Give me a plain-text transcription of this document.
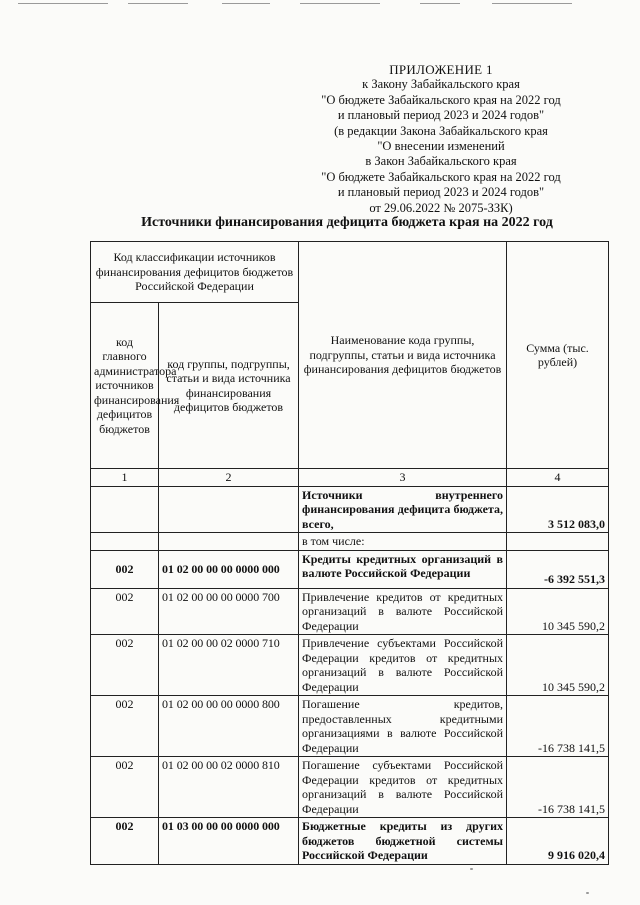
ПРИЛОЖЕНИЕ 1
к Закону Забайкальского края
"О бюджете Забайкальского края на 2022 год
и плановый период 2023 и 2024 годов"
(в редакции Закона Забайкальского края
"О внесении изменений
в Закон Забайкальского края
"О бюджете Забайкальского края на 2022 год
и плановый период 2023 и 2024 годов"
от 29.06.2022 № 2075-ЗЗК)
Источники финансирования дефицита бюджета края на 2022 год
Код классификации источников финансирования дефицитов бюджетов Российской Федерации		Наименование кода группы, подгруппы, статьи и вида источника финансирования дефицитов бюджетов	Сумма (тыс. рублей)
код главного администратора источников финансирования дефицитов бюджетов	код группы, подгруппы, статьи и вида источника финансирования дефицитов бюджетов		
1	2	3	4
		Источники внутреннего финансирования дефицита бюджета, всего,	3 512 083,0
		в том числе:	
002	01 02 00 00 00 0000 000	Кредиты кредитных организаций в валюте Российской Федерации	-6 392 551,3
002	01 02 00 00 00 0000 700	Привлечение кредитов от кредитных организаций в валюте Российской Федерации	10 345 590,2
002	01 02 00 00 02 0000 710	Привлечение субъектами Российской Федерации кредитов от кредитных организаций в валюте Российской Федерации	10 345 590,2
002	01 02 00 00 00 0000 800	Погашение кредитов, предоставленных кредитными организациями в валюте Российской Федерации	-16 738 141,5
002	01 02 00 00 02 0000 810	Погашение субъектами Российской Федерации кредитов от кредитных организаций в валюте Российской Федерации	-16 738 141,5
002	01 03 00 00 00 0000 000	Бюджетные кредиты из других бюджетов бюджетной системы Российской Федерации	9 916 020,4
